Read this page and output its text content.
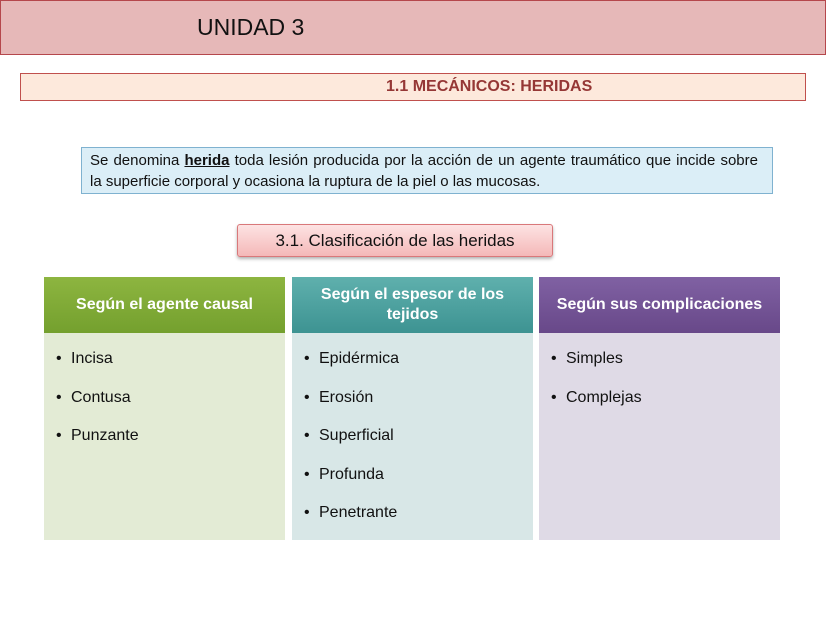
UNIDAD 3
1.1 MECÁNICOS: HERIDAS
Se denomina herida toda lesión producida por la acción de un agente traumático que incide sobre la superficie corporal y ocasiona la ruptura de la piel o las mucosas.
3.1. Clasificación de las heridas
Según el agente causal
• Incisa
• Contusa
• Punzante
Según el espesor de los tejidos
• Epidérmica
• Erosión
• Superficial
• Profunda
• Penetrante
Según sus complicaciones
• Simples
• Complejas
